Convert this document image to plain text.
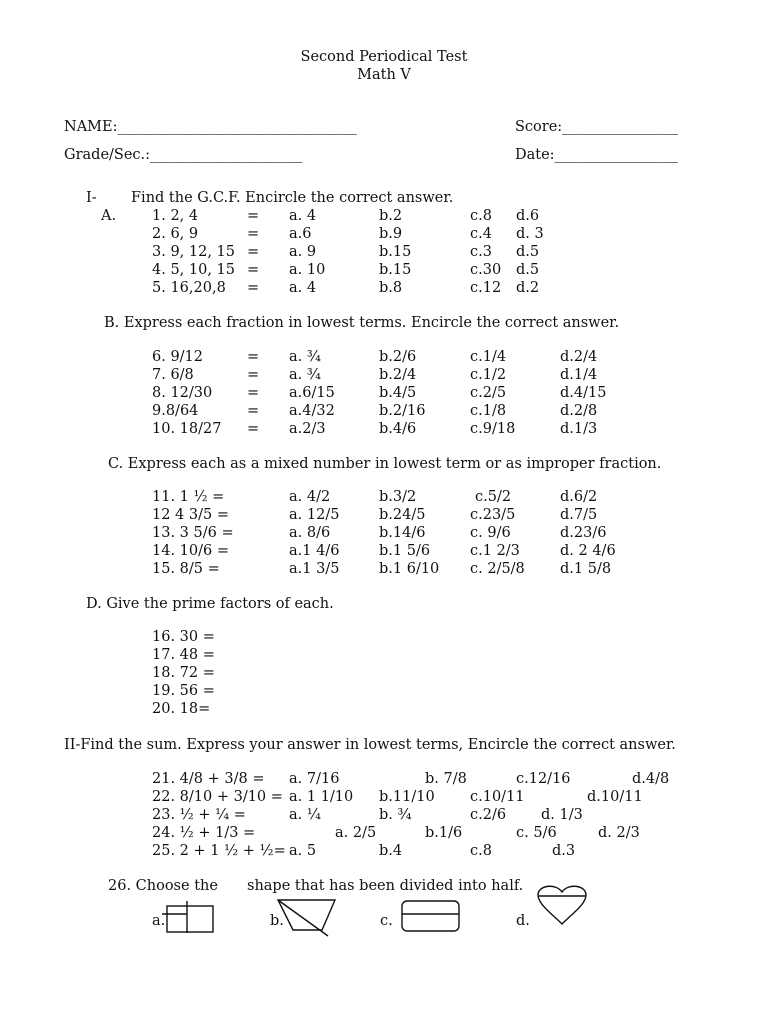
Second Periodical Test
Math V
NAME:_________________________________	Score:________________
Grade/Sec.:_____________________	Date:_________________
I- Find the G.C.F. Encircle the correct answer.
A. 1. 2, 4	= a. 4	b.2	c.8 d.6
2. 6, 9	= a.6	b.9	c.4 d. 3
3. 9, 12, 15 = a. 9	b.15	c.3 d.5
4. 5, 10, 15 = a. 10	b.15	c.30 d.5
5. 16,20,8 = a. 4	b.8	c.12 d.2
B. Express each fraction in lowest terms. Encircle the correct answer.
6. 9/12	= a. ¾	b.2/6	c.1/4	d.2/4
7. 6/8	= a. ¾	b.2/4	c.1/2	d.1/4
8. 12/30 = a.6/15	b.4/5	c.2/5	d.4/15
9.8/64	= a.4/32	b.2/16	c.1/8	d.2/8
10. 18/27 = a.2/3	b.4/6	c.9/18	d.1/3
C. Express each as a mixed number in lowest term or as improper fraction.
11. 1 ½ =	a. 4/2	b.3/2	c.5/2	d.6/2
12 4 3/5 =	a. 12/5	b.24/5	c.23/5	d.7/5
13. 3 5/6 =	a. 8/6	b.14/6	c. 9/6	d.23/6
14. 10/6 =	a.1 4/6	b.1 5/6	c.1 2/3	d. 2 4/6
15. 8/5 =	a.1 3/5	b.1 6/10 c. 2/5/8 d.1 5/8
D. Give the prime factors of each.
16. 30 =
17. 48 =
18. 72 =
19. 56 =
20. 18=
II-Find the sum. Express your answer in lowest terms, Encircle the correct answer.
21. 4/8 + 3/8 = a. 7/16	b. 7/8	c.12/16	d.4/8
22. 8/10 + 3/10 = a. 1 1/10 b.11/10 c.10/11	d.10/11
23. ½ + ¼ =	a. ¼	b. ¾	c.2/6 d. 1/3
24. ½ + 1/3 =	a. 2/5	b.1/6	c. 5/6	d. 2/3
25. 2 + 1 ½ + ½= a. 5	b.4	c.8	d.3
26. Choose the shape that has been divided into half.
a.	b.	c.	d.
